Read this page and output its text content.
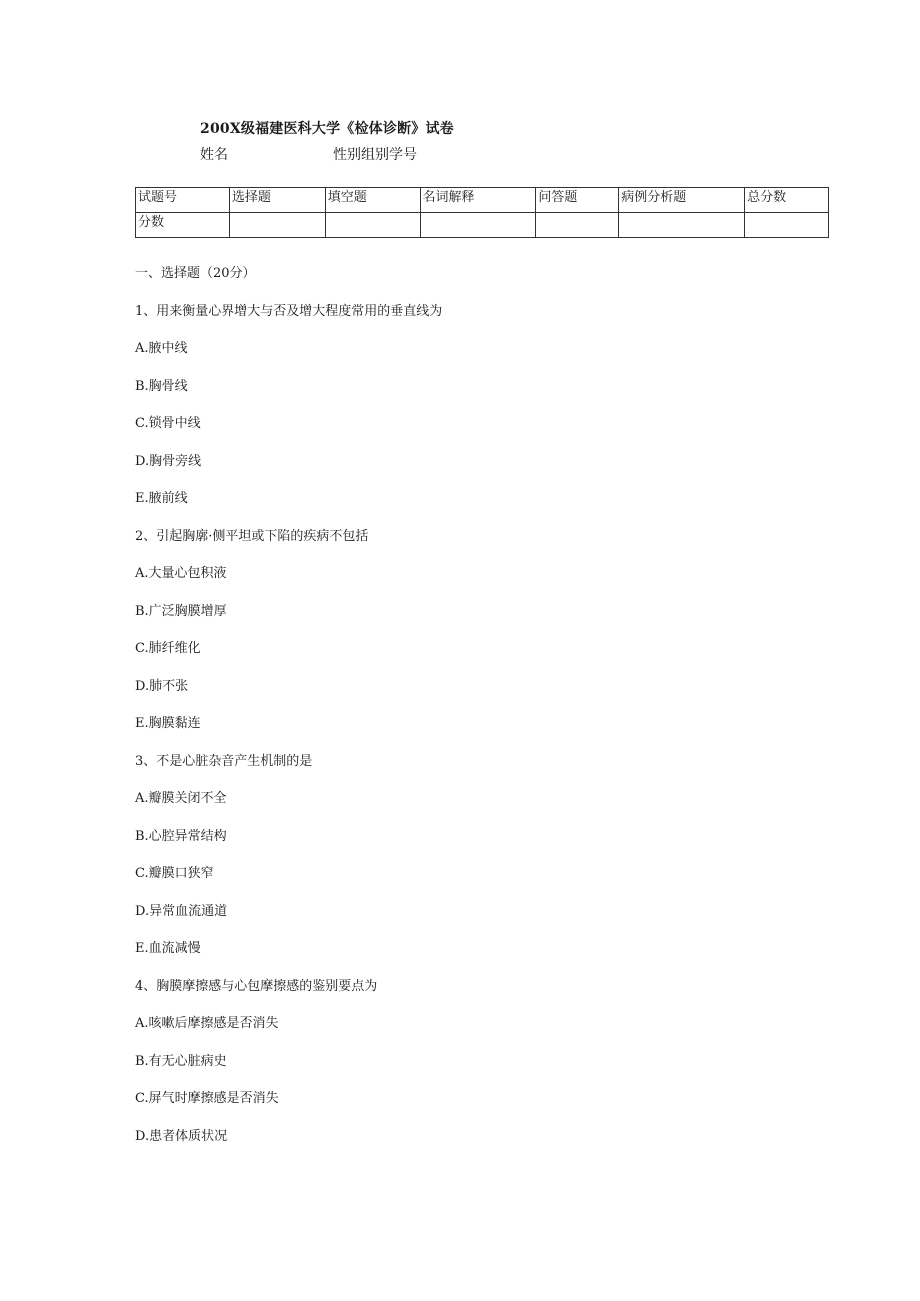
200X级福建医科大学《检体诊断》试卷
姓名	性别组别学号
试题号	选择题	填空题	名词解释	问答题	病例分析题	总分数
分数						
一、选择题（20分）
1、用来衡量心界增大与否及增大程度常用的垂直线为
A.腋中线
B.胸骨线
C.锁骨中线
D.胸骨旁线
E.腋前线
2、引起胸廓·侧平坦或下陷的疾病不包括
A.大量心包积液
B.广泛胸膜增厚
C.肺纤维化
D.肺不张
E.胸膜黏连
3、不是心脏杂音产生机制的是
A.瓣膜关闭不全
B.心腔异常结构
C.瓣膜口狭窄
D.异常血流通道
E.血流减慢
4、胸膜摩擦感与心包摩擦感的鉴别要点为
A.咳嗽后摩擦感是否消失
B.有无心脏病史
C.屏气时摩擦感是否消失
D.患者体质状况
